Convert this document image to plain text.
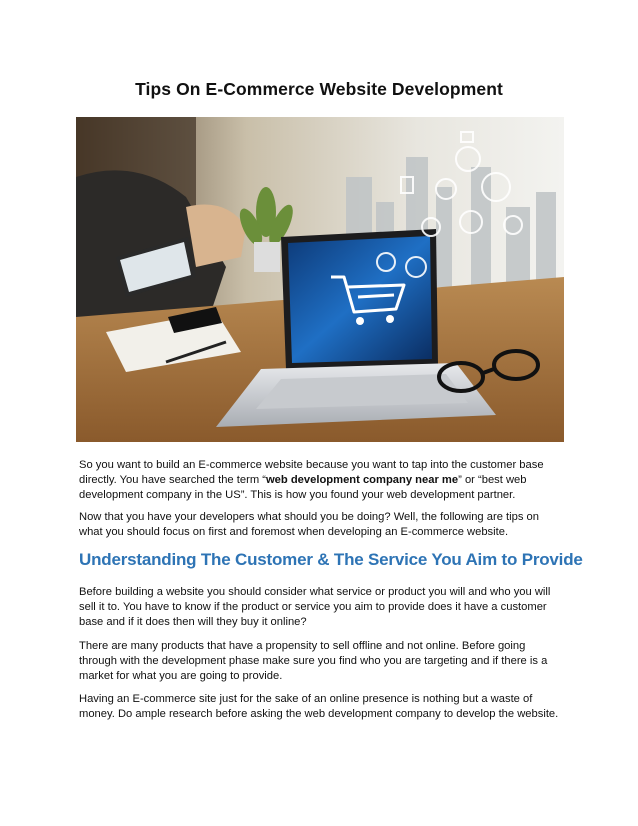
Tips On E-Commerce Website Development

So you want to build an E-commerce website because you want to tap into the customer base directly. You have searched the term “web development company near me” or “best web development company in the US”. This is how you found your web development partner.

Now that you have your developers what should you be doing? Well, the following are tips on what you should focus on first and foremost when developing an E-commerce website.

Understanding The Customer & The Service You Aim to Provide

Before building a website you should consider what service or product you will and who you will sell it to. You have to know if the product or service you aim to provide does it have a customer base and if it does then will they buy it online?

There are many products that have a propensity to sell offline and not online. Before going through with the development phase make sure you find who you are targeting and if there is a market for what you are going to provide.

Having an E-commerce site just for the sake of an online presence is nothing but a waste of money. Do ample research before asking the web development company to develop the website.
